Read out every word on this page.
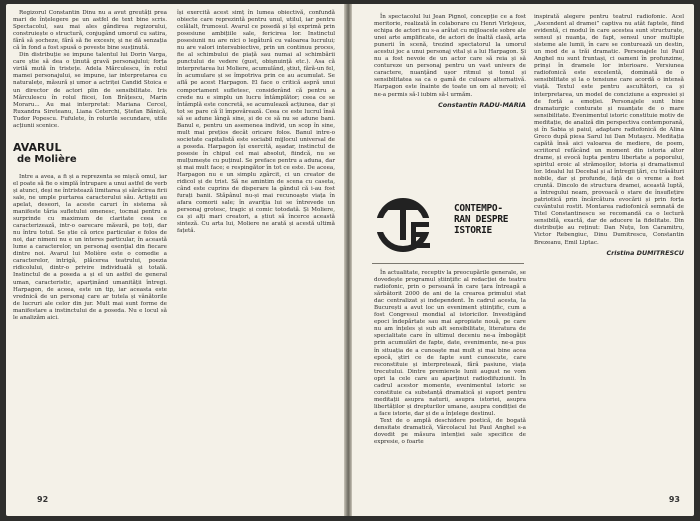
Regizorul Constantin Dinu nu a avut greutăți prea mari de înțelegere pe un astfel de text bine scris. Spectacolul, sau mai ales gândirea regizorului, construiește o structură, conjugând umorul cu satira, fără să șocheze, fără să fie excesiv, și ne dă senzația că în fond a fost spusă o poveste bine susținută.

Din distribuție se impune talentul lui Dorin Varga, care știe să dea o ținută gravă personajului; forța virilă mută în tristețe. Adela Mărculescu, în rolul mamei personajului, se impune, iar interpretarea cu naturalețe, măsură și umor a actriței Candid Stoica e un director de actori plin de sensibilitate. Iris Mărculescu în rolul fiicei, Ion Brățescu, Marin Moraru... Au mai interpretat: Mariana Cercel, Ruxandra Sireteanu, Liana Ceterchi, Ștefan Bănică, Tudor Popescu. Fufulete, în rolurile secundare, utile acțiunii scenice.

AVARUL
de Molière

Intre a avea, a fi și a reprezenta se mișcă omul, iar el poate să fie o simplă întrupare a unui astfel de verb și atunci, deși ne întristează limitarea și sărăcirea firii sale, ne umple purtarea caracterului său. Artiștii au apelat, deseori, la aceste caruri în sistema să manifeste tăria sufletului omenesc, tocmai pentru a surprinde cu maximum de claritate ceea ce caracterizează, intr-o oarecare măsură, pe toți, dar nu întru totul. Se știe că orice particular e folos de noi, dar nimeni nu e un interes particular, în această lume a caracterelor, un personaj esențial din fiecare dintre noi. Avarul lui Molière este o comedie a caracterelor, intrigă, plăcerea teatrului, poezia ridicolului, dintr-o privire individuală și totală. Instinctul de a poseda a și el un astfel de general uman, caracteristic, aparținând umanității întregi. Harpagon, de aceea, este un tip, iar aceasta este vrednică de un personaj care ar tutela și vânătorile de lucruri ale celor din jur. Mult mai sunt forme de manifestare a instinctului de a poseda. Nu e locul să le analizăm aici.

își exercită acest simț în lumea obiectivă, confundă obiecte care reprezintă pentru unul, utilul, iar pentru celălalt, frumosul. Avarul ce posedă și își exprimă prin posesiune ambițiile sale, fericirea lor. Instinctul posesiunii nu are nici o legătură cu valoarea lucrului; nu are valori intersubiective, prin un continuu proces, fie al schimbului de piață sau numai al schimbării punctului de vedere (gust, obișnuință etc.). Asa că interpretarea lui Moliere, acumulând, știut, fără-un fel, în acumulare și se împotriva prin ce au acumulat. Se află pe acest Harpagon. El face o critică aspră unui comportament sufletesc, considerând că pentru a crede nu e simplu un lucru întâmplător; ceea ce se întâmplă este concretă, se acumulează acțiunea, dar și tot se pare că îl împovărează. Ceea ce este lucrul însă să se adune lângă sine, și de ce să nu se adune bani. Banul e, pentru un asemenea individ, un scop în sine, mult mai prețios decât oricare folos. Banul intre-o societate capitalistă este sociabil mijlocul universal de a poseda. Harpagon își exercită, așadar, instinctul de posesie în chipul cel mai absolut, fiindcă, nu se mulțumește cu puținul. Se preface pentru a aduna, dar și mai mult face; e respingător în tot ce este. De aceea, Harpagon nu e un simplu zgârcit, ci un creator de ridicol și de trist. Să ne amintim de scena cu caseta, când este cuprins de disperare la gândul că i-au fost furați banii. Stăpânul nu-și mai recunoaște viața în afara comorii sale; în avariția lui se întrevede un personaj grotesc, tragic și comic totodată. Și Moliere, ca și alți mari creatori, a știut să încerce această sinteză. Cu arta lui, Moliere ne arată și acestă ultimă fațetă.

92

În spectacolul lui Jean Pignol, concepție ce a fost meritorie, realizată în colaborare cu Henri Virlojeux, echipa de actori nu s-a arătat cu mijloacele sobre ale unei arte amplificate, de actori de înaltă clasă, arta punerii în scenă, trezind spectatorul la umorul acestui joc a unui personaj vital și a lui Harpagon. Și nu a fost nevoie de un actor care să reia și să contureze un personaj pentru un vast univers de caractere, nuanțând ușor ritmul și tonul și sensibilitatea sa ca o gamă de culoare alternativă. Harpagon este înainte de toate un om al nevoii; el ne-a permis să-l iubim să-l urmăm.

Constantin RADU-MARIA
CONTEMPO-
RAN DESPRE
ISTORIE

În actualitate, receptiv la preocupările generale, se dovedește programul științific al redacției de teatru radiofonic, prin o persoană în care țara întreagă a sărbătorit 2000 de ani de la crearea primului stat dac centralizat și independent. În cadrul acesta, la București a avut loc un eveniment științific, cum a fost Congresul mondial al istoricilor. Investigând epoci îndepărtate sau mai apropiate nouă, pe care nu am înțeles și sub alt sensibilitate, literatura de specialitate care în ultimul deceniu ne-a îmbogățit prin acumulări de fapte, date, evenimente, ne-a pus în situația de a cunoaște mai mult și mai bine acea epocă, știri ce de fapte sunt cunoscute, care reconstituie și interpretează, fără pasiune, viața trecutului. Dintre premierele lunii august ne vom opri la cele care au aparținut radiodifuziunii. În cadrul acestor momente, evenimentul istoric se constituie ca substanță dramatică și suport pentru meditații asupra naturii, asupra istoriei, asupra libertăților și drepturilor umane, asupra condiției de a face istorie, dar și de a înțelege destinul.

Text de o amplă deschidere poetică, de bogată densitate dramatică, Vârcolacul lui Paul Anghel s-a dovedit pe măsura intenției sale specifice de expresie, o foarte

inspirată alegere pentru teatrul radiofonic. Acel „Ascendent al dramei” captiva nu atât faptele, fiind evidentă, ci modul în care acestea sunt structurate, sensul și nuanța, de fapt, sensul unor multiple sisteme ale lumii, în care se conturează un destin, un mod de a trăi dramatic. Personajele lui Paul Anghel nu sunt fruntași, ci oameni în profunzime, prinși în dramele lor interioare. Versiunea radiofonică este excelentă, dominată de o sensibilitate și la o tensiune care acordă o intensă viață. Textul este pentru ascultători, ca și interpretarea, un model de conciziune a expresiei și de forță a emoției. Personajele sunt bine dramaturgic conturate și nuanțate de o mare sensibilitate. Evenimentul istoric constituie motiv de meditație, de analiză din perspectiva contemporană, și în Sabia și paiul, adaptare radiofonică de Alina Greco după piesa Sarul lui Dan Mutașcu. Meditația capătă însă aici valoarea de mediere, de poem, scriitorul refăcând un moment din istoria altor drame, și evocă lupta pentru libertate a poporului, spiritul eroic al strămoșilor, istoria și dramatismul lor. Idealul lui Decebal și al întregii țări, cu trăsături nobile, dar și profunde, față de o vreme a fost cruntă. Dincolo de structura dramei, această luptă, a întregului neam, provoacă o stare de însuflețire patriotică prin încărcătura evocării și prin forța cuvântului rostit. Montarea radiofonică semnată de Titel Constantinescu se recomandă ca o lectură sensibilă, exactă, dar de aducere la fidelitate. Din distribuție au reținut: Dan Nuțu, Ion Caramitru, Victor Rebengiuc, Dinu Dumitrescu, Constantin Brezeanu, Emil Liptac.

Cristina DUMITRESCU
93
